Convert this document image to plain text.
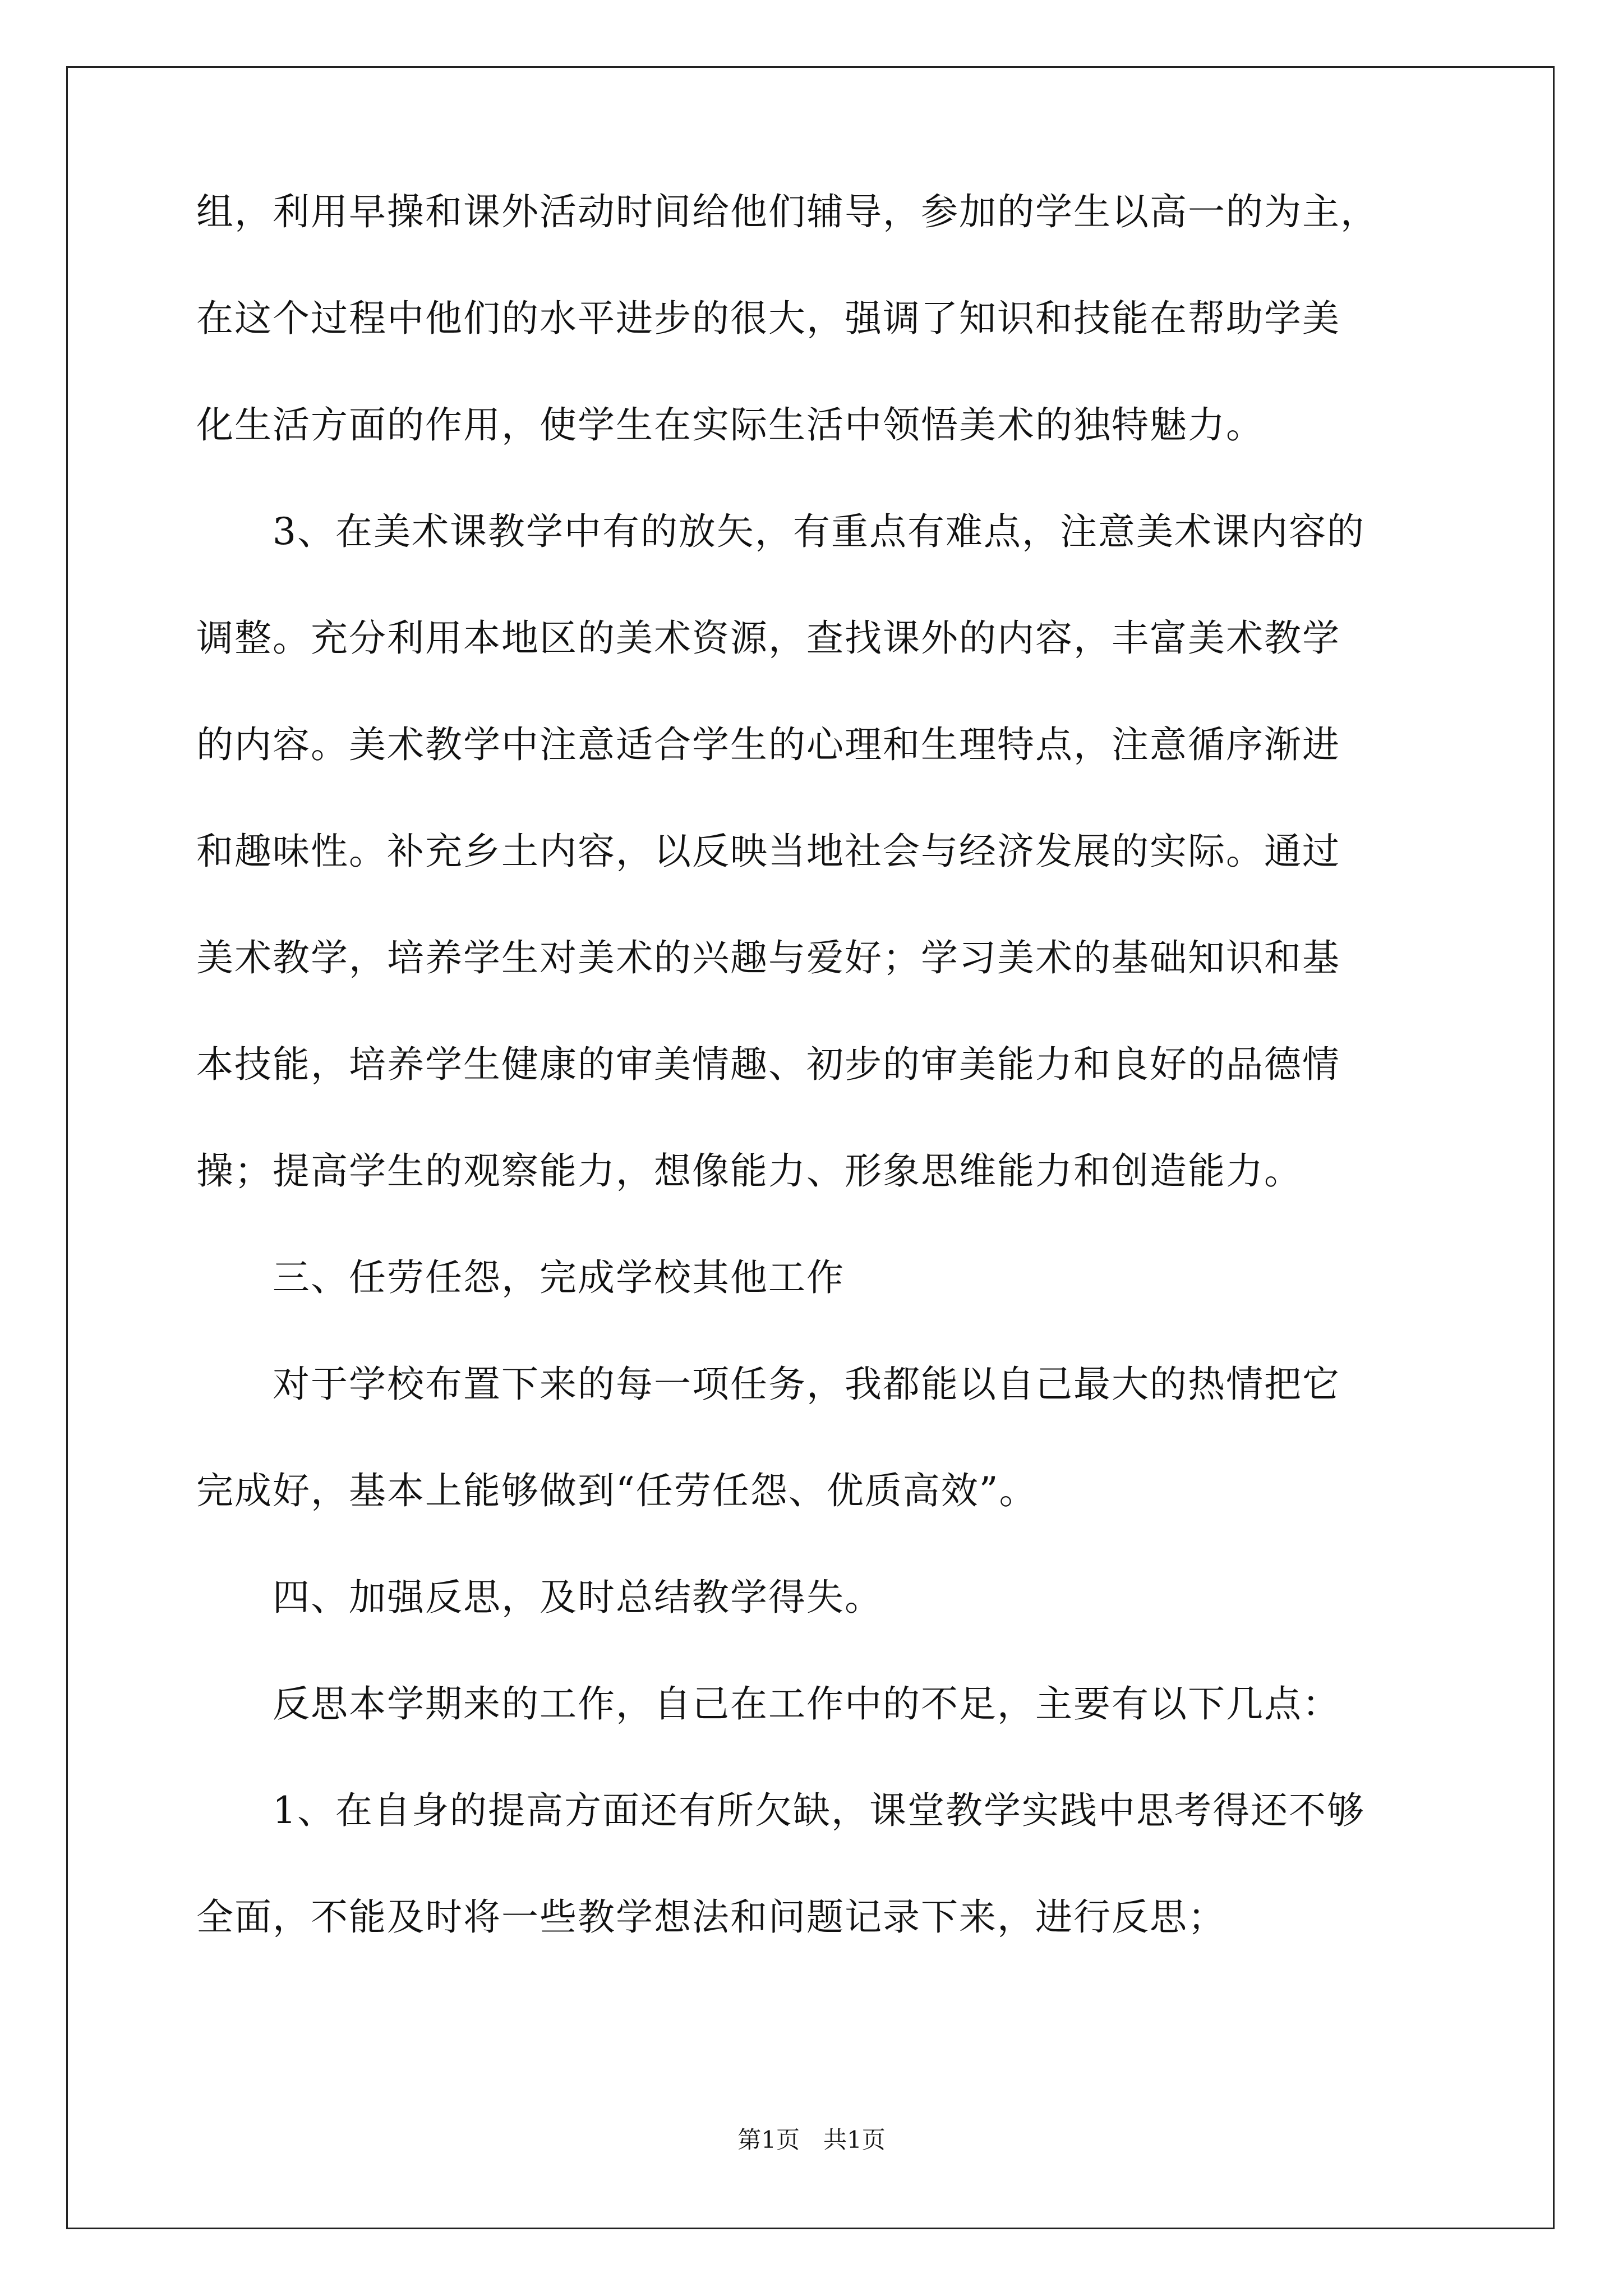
组，利用早操和课外活动时间给他们辅导，参加的学生以高一的为主，
在这个过程中他们的水平进步的很大，强调了知识和技能在帮助学美
化生活方面的作用，使学生在实际生活中领悟美术的独特魅力。
　　3、在美术课教学中有的放矢，有重点有难点，注意美术课内容的
调整。充分利用本地区的美术资源，查找课外的内容，丰富美术教学
的内容。美术教学中注意适合学生的心理和生理特点，注意循序渐进
和趣味性。补充乡土内容，以反映当地社会与经济发展的实际。通过
美术教学，培养学生对美术的兴趣与爱好；学习美术的基础知识和基
本技能，培养学生健康的审美情趣、初步的审美能力和良好的品德情
操；提高学生的观察能力，想像能力、形象思维能力和创造能力。
　　三、任劳任怨，完成学校其他工作
　　对于学校布置下来的每一项任务，我都能以自己最大的热情把它
完成好，基本上能够做到“任劳任怨、优质高效”。
　　四、加强反思，及时总结教学得失。
　　反思本学期来的工作，自己在工作中的不足，主要有以下几点：
　　1、在自身的提高方面还有所欠缺，课堂教学实践中思考得还不够
全面，不能及时将一些教学想法和问题记录下来，进行反思；
第1页　共1页
